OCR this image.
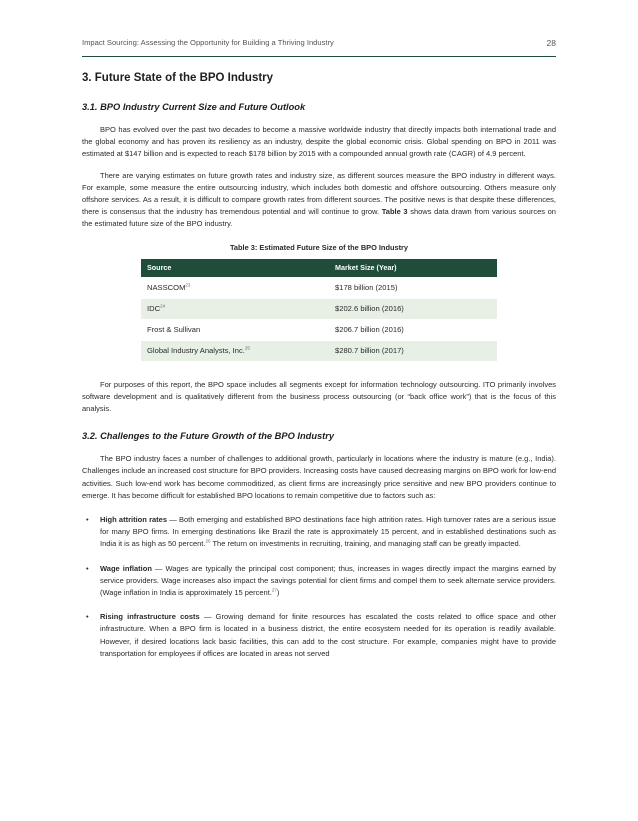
Impact Sourcing: Assessing the Opportunity for Building a Thriving Industry	28
3. Future State of the BPO Industry
3.1. BPO Industry Current Size and Future Outlook

BPO has evolved over the past two decades to become a massive worldwide industry that directly impacts both international trade and the global economy and has proven its resiliency as an industry, despite the global economic crisis. Global spending on BPO in 2011 was estimated at $147 billion and is expected to reach $178 billion by 2015 with a compounded annual growth rate (CAGR) of 4.9 percent.

There are varying estimates on future growth rates and industry size, as different sources measure the BPO industry in different ways. For example, some measure the entire outsourcing industry, which includes both domestic and offshore outsourcing. Others measure only offshore services. As a result, it is difficult to compare growth rates from different sources. The positive news is that despite these differences, there is consensus that the industry has tremendous potential and will continue to grow. Table 3 shows data drawn from various sources on the estimated future size of the BPO industry.

Table 3: Estimated Future Size of the BPO Industry
Source	Market Size (Year)
NASSCOM$^{23}$	$178 billion (2015)
IDC$^{24}$	$202.6 billion (2016)
Frost & Sullivan	$206.7 billion (2016)
Global Industry Analysts, Inc.$^{25}$	$280.7 billion (2017)

For purposes of this report, the BPO space includes all segments except for information technology outsourcing. ITO primarily involves software development and is qualitatively different from the business process outsourcing (or “back office work”) that is the focus of this analysis.

3.2. Challenges to the Future Growth of the BPO Industry

The BPO industry faces a number of challenges to additional growth, particularly in locations where the industry is mature (e.g., India). Challenges include an increased cost structure for BPO providers. Increasing costs have caused decreasing margins on BPO work for low-end activities. Such low-end work has become commoditized, as client firms are increasingly price sensitive and new BPO providers continue to emerge. It has become difficult for established BPO locations to remain competitive due to factors such as:

• High attrition rates — Both emerging and established BPO destinations face high attrition rates. High turnover rates are a serious issue for many BPO firms. In emerging destinations like Brazil the rate is approximately 15 percent, and in established destinations such as India it is as high as 50 percent.$^{26}$ The return on investments in recruiting, training, and managing staff can be greatly impacted.
• Wage inflation — Wages are typically the principal cost component; thus, increases in wages directly impact the margins earned by service providers. Wage increases also impact the savings potential for client firms and compel them to seek alternate service providers. (Wage inflation in India is approximately 15 percent.$^{27}$)
• Rising infrastructure costs — Growing demand for finite resources has escalated the costs related to office space and other infrastructure. When a BPO firm is located in a business district, the entire ecosystem needed for its operation is readily available. However, if desired locations lack basic facilities, this can add to the cost structure. For example, companies might have to provide transportation for employees if offices are located in areas not served
